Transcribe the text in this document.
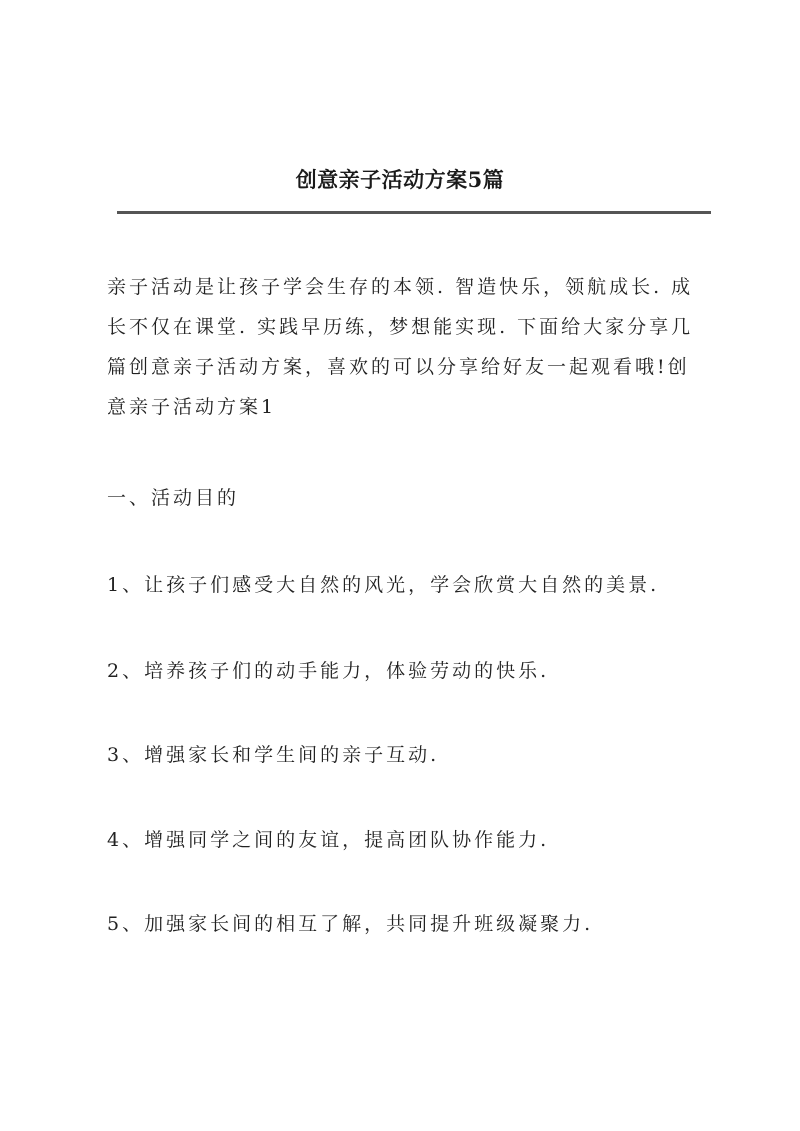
创意亲子活动方案5篇

亲子活动是让孩子学会生存的本领. 智造快乐，领航成长. 成长不仅在课堂. 实践早历练，梦想能实现. 下面给大家分享几篇创意亲子活动方案，喜欢的可以分享给好友一起观看哦!创意亲子活动方案1

一、活动目的

1、让孩子们感受大自然的风光，学会欣赏大自然的美景.

2、培养孩子们的动手能力，体验劳动的快乐.

3、增强家长和学生间的亲子互动.

4、增强同学之间的友谊，提高团队协作能力.

5、加强家长间的相互了解，共同提升班级凝聚力.
